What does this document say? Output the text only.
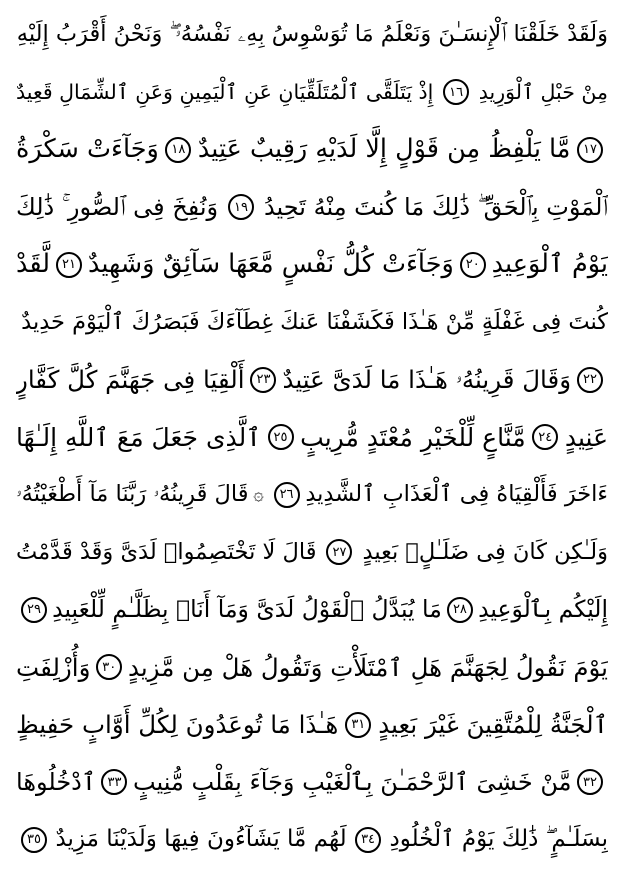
وَلَقَدْ خَلَقْنَا ٱلْإِنسَـٰنَ وَنَعْلَمُ مَا تُوَسْوِسُ بِهِۦ نَفْسُهُۥ ۖ وَنَحْنُ أَقْرَبُ إِلَيْهِ
مِنْ حَبْلِ ٱلْوَرِيدِ
١٦
إِذْ يَتَلَقَّى ٱلْمُتَلَقِّيَانِ عَنِ ٱلْيَمِينِ وَعَنِ ٱلشِّمَالِ قَعِيدٌ
١٧
مَّا يَلْفِظُ مِن قَوْلٍ إِلَّا لَدَيْهِ رَقِيبٌ عَتِيدٌ
١٨
وَجَآءَتْ سَكْرَةُ
ٱلْمَوْتِ بِٱلْحَقِّ ۖ ذَٰلِكَ مَا كُنتَ مِنْهُ تَحِيدُ
١٩
وَنُفِخَ فِى ٱلصُّورِ ۚ ذَٰلِكَ
يَوْمُ ٱلْوَعِيدِ
٢٠
وَجَآءَتْ كُلُّ نَفْسٍ مَّعَهَا سَآئِقٌ وَشَهِيدٌ
٢١
لَّقَدْ
كُنتَ فِى غَفْلَةٍ مِّنْ هَـٰذَا فَكَشَفْنَا عَنكَ غِطَآءَكَ فَبَصَرُكَ ٱلْيَوْمَ حَدِيدٌ
٢٢
وَقَالَ قَرِينُهُۥ هَـٰذَا مَا لَدَىَّ عَتِيدٌ
٢٣
أَلْقِيَا فِى جَهَنَّمَ كُلَّ كَفَّارٍ
عَنِيدٍ
٢٤
مَّنَّاعٍ لِّلْخَيْرِ مُعْتَدٍ مُّرِيبٍ
٢٥
ٱلَّذِى جَعَلَ مَعَ ٱللَّهِ إِلَـٰهًا
ءَاخَرَ فَأَلْقِيَاهُ فِى ٱلْعَذَابِ ٱلشَّدِيدِ
٢٦
۞
قَالَ قَرِينُهُۥ رَبَّنَا مَآ أَطْغَيْتُهُۥ
وَلَـٰكِن كَانَ فِى ضَلَـٰلٍۭ بَعِيدٍ
٢٧
قَالَ لَا تَخْتَصِمُوا۟ لَدَىَّ وَقَدْ قَدَّمْتُ
إِلَيْكُم بِٱلْوَعِيدِ
٢٨
مَا يُبَدَّلُ ٱلْقَوْلُ لَدَىَّ وَمَآ أَنَا۠ بِظَلَّـٰمٍ لِّلْعَبِيدِ
٢٩
يَوْمَ نَقُولُ لِجَهَنَّمَ هَلِ ٱمْتَلَأْتِ وَتَقُولُ هَلْ مِن مَّزِيدٍ
٣٠
وَأُزْلِفَتِ
ٱلْجَنَّةُ لِلْمُتَّقِينَ غَيْرَ بَعِيدٍ
٣١
هَـٰذَا مَا تُوعَدُونَ لِكُلِّ أَوَّابٍ حَفِيظٍ
٣٢
مَّنْ خَشِىَ ٱلرَّحْمَـٰنَ بِٱلْغَيْبِ وَجَآءَ بِقَلْبٍ مُّنِيبٍ
٣٣
ٱدْخُلُوهَا
بِسَلَـٰمٍ ۖ ذَٰلِكَ يَوْمُ ٱلْخُلُودِ
٣٤
لَهُم مَّا يَشَآءُونَ فِيهَا وَلَدَيْنَا مَزِيدٌ
٣٥
